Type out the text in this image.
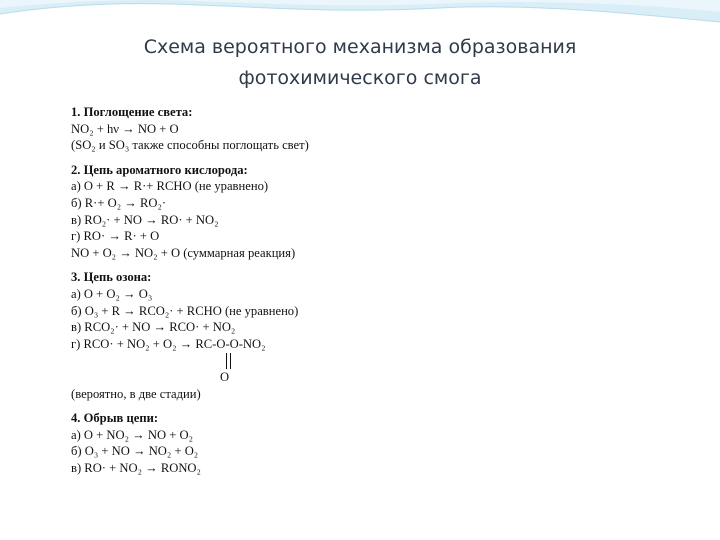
Схема вероятного механизма образования
фотохимического смога
1. Поглощение света:
NO₂ + hν → NO + O
(SO₂ и SO₃ также способны поглощать свет)
2. Цепь ароматного кислорода:
а) О + R → R·+ RCHO (не уравнено)
б) R·+ O₂ → RO₂·
в) RO₂· + NO → RO· + NO₂
г) RO· → R· + O
NO + O₂ → NO₂ + O (суммарная реакция)
3. Цепь озона:
а) О + О₂ → О₃
б) О₃ + R → RCO₂· + RCHO (не уравнено)
в) RCO₂· + NO → RCO· + NO₂
г) RCO· + NO₂ + O₂ → RC-O-O-NO₂
O
(вероятно, в две стадии)
4. Обрыв цепи:
а) О + NO₂ → NO + O₂
б) О₃ + NO → NO₂ + O₂
в) RO· + NO₂ → RONO₂
